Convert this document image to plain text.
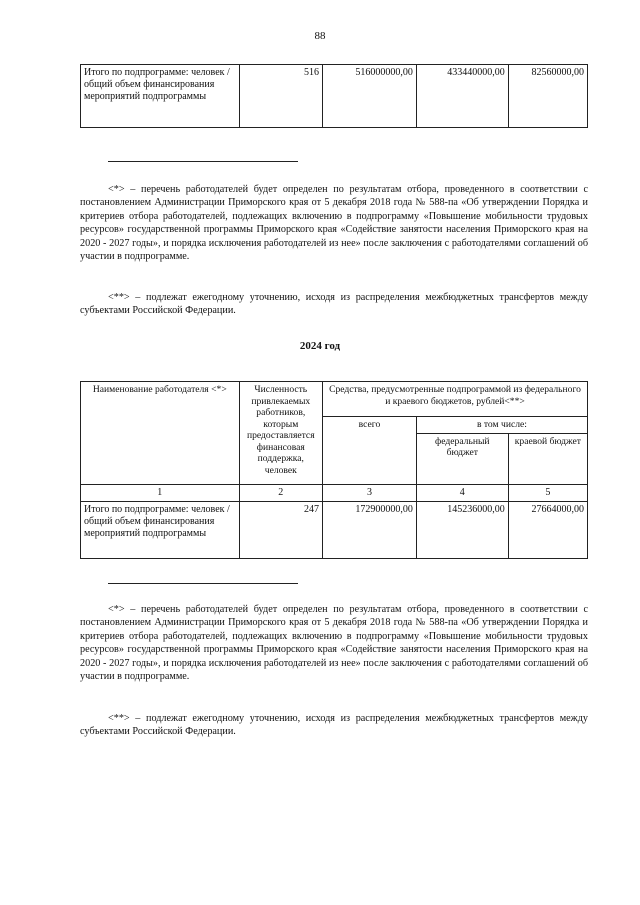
88
Итого по подпрограмме: человек / общий объем финансирования мероприятий подпрограммы	516	516000000,00	433440000,00	82560000,00

<*> – перечень работодателей будет определен по результатам отбора, проведенного в соответствии с постановлением Администрации Приморского края от 5 декабря 2018 года № 588-па «Об утверждении Порядка и критериев отбора работодателей, подлежащих включению в подпрограмму «Повышение мобильности трудовых ресурсов» государственной программы Приморского края «Содействие занятости населения Приморского края на 2020 - 2027 годы», и порядка исключения работодателей из нее» после заключения с работодателями соглашений об участии в подпрограмме.

<**> – подлежат ежегодному уточнению, исходя из распределения межбюджетных трансфертов между субъектами Российской Федерации.

2024 год
Наименование работодателя <*>	Численность привлекаемых работников, которым предоставляется финансовая поддержка, человек	Средства, предусмотренные подпрограммой из федерального и краевого бюджетов, рублей<**>		
		всего	в том числе:	
			федеральный бюджет	краевой бюджет
1	2	3	4	5
Итого по подпрограмме: человек / общий объем финансирования мероприятий подпрограммы	247	172900000,00	145236000,00	27664000,00

<*> – перечень работодателей будет определен по результатам отбора, проведенного в соответствии с постановлением Администрации Приморского края от 5 декабря 2018 года № 588-па «Об утверждении Порядка и критериев отбора работодателей, подлежащих включению в подпрограмму «Повышение мобильности трудовых ресурсов» государственной программы Приморского края «Содействие занятости населения Приморского края на 2020 - 2027 годы», и порядка исключения работодателей из нее» после заключения с работодателями соглашений об участии в подпрограмме.

<**> – подлежат ежегодному уточнению, исходя из распределения межбюджетных трансфертов между субъектами Российской Федерации.
